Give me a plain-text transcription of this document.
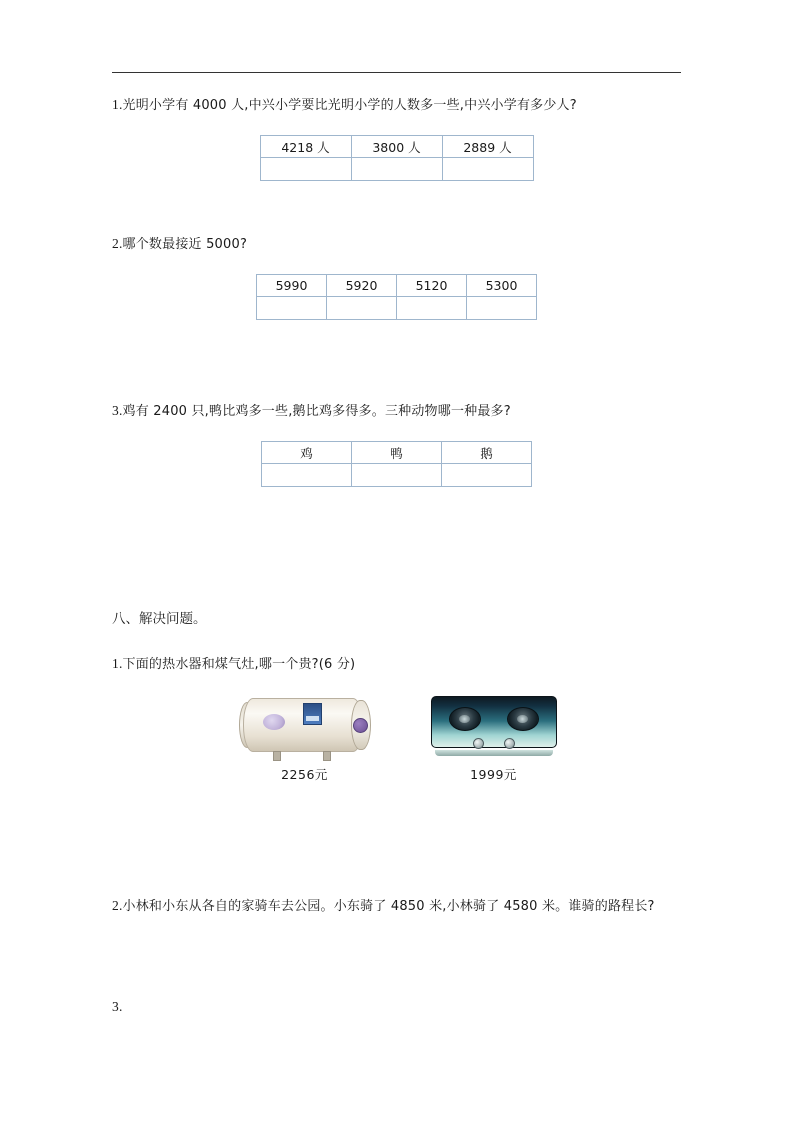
1.光明小学有 4000 人,中兴小学要比光明小学的人数多一些,中兴小学有多少人?

4218 人	3800 人	2889 人

2.哪个数最接近 5000?

5990	5920	5120	5300

3.鸡有 2400 只,鸭比鸡多一些,鹅比鸡多得多。三种动物哪一种最多?

鸡	鸭	鹅

八、解决问题。

1.下面的热水器和煤气灶,哪一个贵?(6 分)

2256元	1999元

2.小林和小东从各自的家骑车去公园。小东骑了 4850 米,小林骑了 4580 米。谁骑的路程长?

3.
